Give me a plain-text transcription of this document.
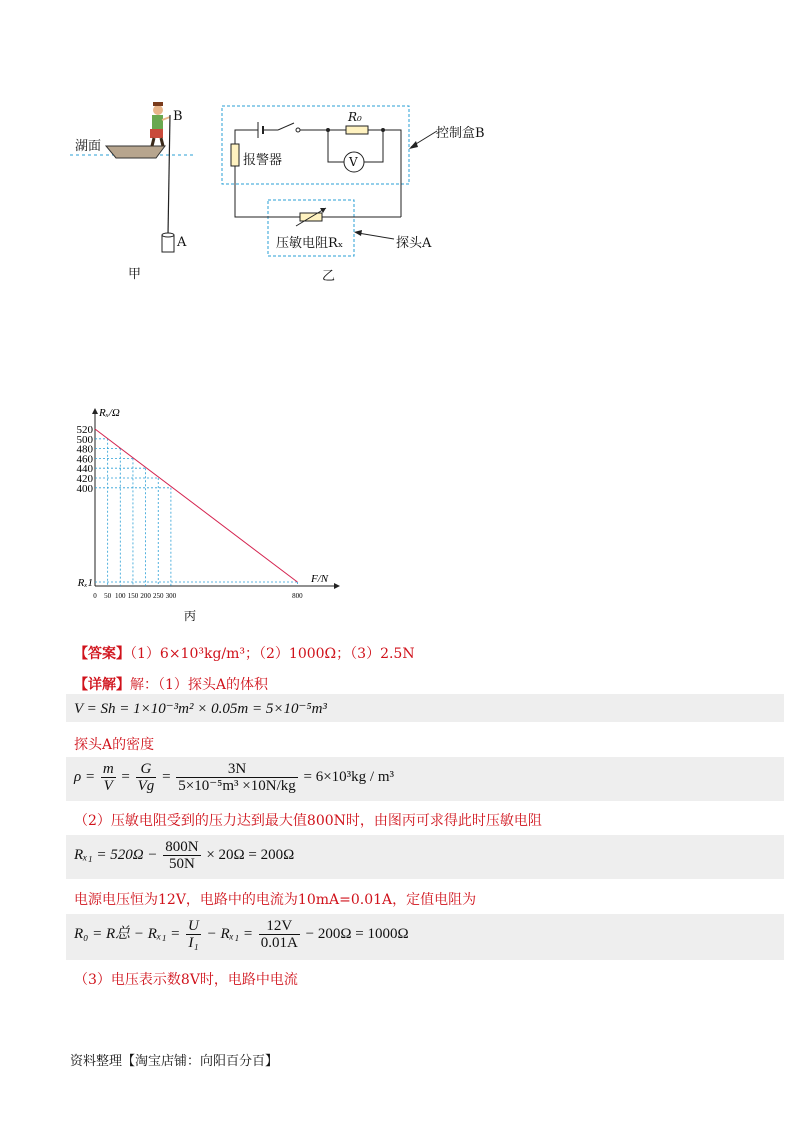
湖面
B
A
甲
R₀
V
报警器
压敏电阻Rₓ
控制盒B
探头A
乙
Rₓ/Ω
F/N
520
500
480
460
440
420
400
Rₓ1
0 50 100 150 200 250 300	800
丙
【答案】（1）6×10³kg/m³；（2）1000Ω；（3）2.5N
【详解】解：（1）探头A的体积
V = Sh = 1×10⁻³m² × 0.05m = 5×10⁻⁵m³
探头A的密度
$\rho = \frac{m}{V} = \frac{G}{Vg} = \frac{3N}{\text{5×10⁻⁵m³ ×10N/kg}} = 6\times 10^3kg / m^3$
（2）压敏电阻受到的压力达到最大值800N时，由图丙可求得此时压敏电阻
$R_{x1} = 520\Omega - \frac{800N}{50N} \times 20\Omega = 200\Omega$
电源电压恒为12V，电路中的电流为10mA=0.01A，定值电阻为
R₀ = R总 − $R_{x1} = \frac{U}{\text{I₁}} - R_{x1} = \frac{12V}{0.01A} - 200\Omega = 1000\Omega$
（3）电压表示数8V时，电路中电流
资料整理【淘宝店铺：向阳百分百】
